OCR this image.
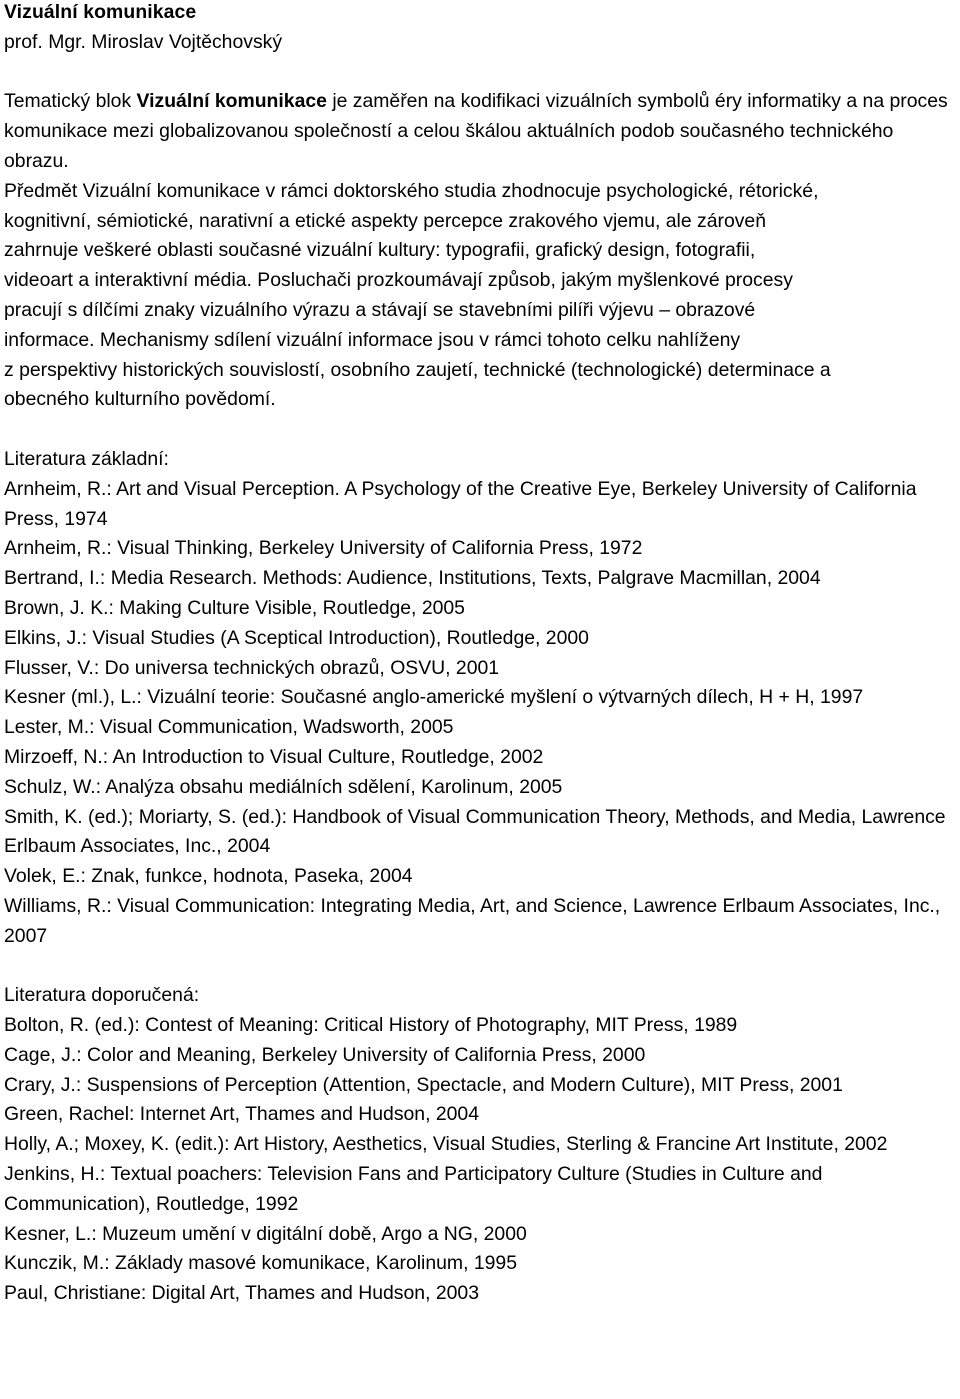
Vizuální komunikace
prof. Mgr. Miroslav Vojtěchovský

Tematický blok Vizuální komunikace je zaměřen na kodifikaci vizuálních symbolů éry informatiky a na proces komunikace mezi globalizovanou společností a celou škálou aktuálních podob současného technického obrazu.

Předmět Vizuální komunikace v rámci doktorského studia zhodnocuje psychologické, rétorické,
kognitivní, sémiotické, narativní a etické aspekty percepce zrakového vjemu, ale zároveň
zahrnuje veškeré oblasti současné vizuální kultury: typografii, grafický design, fotografii,
videoart a interaktivní média. Posluchači prozkoumávají způsob, jakým myšlenkové procesy
pracují s dílčími znaky vizuálního výrazu a stávají se stavebními pilíři výjevu – obrazové
informace. Mechanismy sdílení vizuální informace jsou v rámci tohoto celku nahlíženy
z perspektivy historických souvislostí, osobního zaujetí, technické (technologické) determinace a
obecného kulturního povědomí.
Literatura základní:
Arnheim, R.: Art and Visual Perception. A Psychology of the Creative Eye, Berkeley University of California Press, 1974
Arnheim, R.: Visual Thinking, Berkeley University of California Press, 1972
Bertrand, I.: Media Research. Methods: Audience, Institutions, Texts, Palgrave Macmillan, 2004
Brown, J. K.: Making Culture Visible, Routledge, 2005
Elkins, J.: Visual Studies (A Sceptical Introduction), Routledge, 2000
Flusser, V.: Do universa technických obrazů, OSVU, 2001
Kesner (ml.), L.: Vizuální teorie: Současné anglo-americké myšlení o výtvarných dílech, H + H, 1997
Lester, M.: Visual Communication, Wadsworth, 2005
Mirzoeff, N.: An Introduction to Visual Culture, Routledge, 2002
Schulz, W.: Analýza obsahu mediálních sdělení, Karolinum, 2005
Smith, K. (ed.); Moriarty, S. (ed.): Handbook of Visual Communication Theory, Methods, and Media, Lawrence Erlbaum Associates, Inc., 2004
Volek, E.: Znak, funkce, hodnota, Paseka, 2004
Williams, R.: Visual Communication: Integrating Media, Art, and Science, Lawrence Erlbaum Associates, Inc., 2007
Literatura doporučená:
Bolton, R. (ed.): Contest of Meaning: Critical History of Photography, MIT Press, 1989
Cage, J.: Color and Meaning, Berkeley University of California Press, 2000
Crary, J.: Suspensions of Perception (Attention, Spectacle, and Modern Culture), MIT Press, 2001
Green, Rachel: Internet Art, Thames and Hudson, 2004
Holly, A.; Moxey, K. (edit.): Art History, Aesthetics, Visual Studies, Sterling & Francine Art Institute, 2002
Jenkins, H.: Textual poachers: Television Fans and Participatory Culture (Studies in Culture and Communication), Routledge, 1992
Kesner, L.: Muzeum umění v digitální době, Argo a NG, 2000
Kunczik, M.: Základy masové komunikace, Karolinum, 1995
Paul, Christiane: Digital Art, Thames and Hudson, 2003
